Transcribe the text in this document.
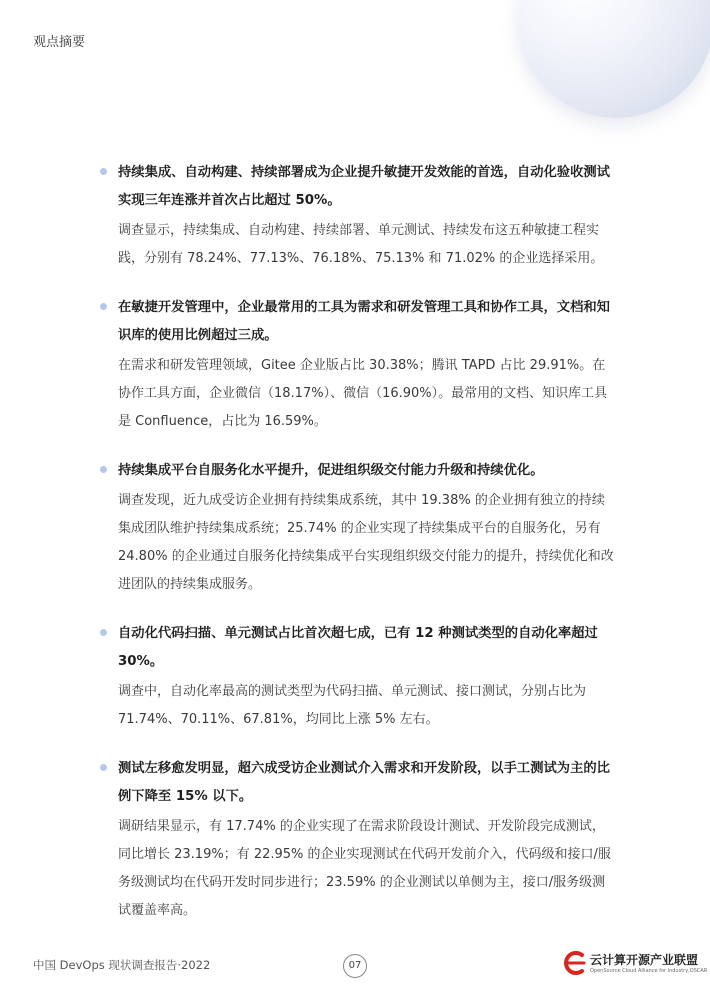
观点摘要
持续集成、自动构建、持续部署成为企业提升敏捷开发效能的首选，自动化验收测试实现三年连涨并首次占比超过 50%。
调查显示，持续集成、自动构建、持续部署、单元测试、持续发布这五种敏捷工程实践，分别有 78.24%、77.13%、76.18%、75.13% 和 71.02% 的企业选择采用。
在敏捷开发管理中，企业最常用的工具为需求和研发管理工具和协作工具，文档和知识库的使用比例超过三成。
在需求和研发管理领域，Gitee 企业版占比 30.38%；腾讯 TAPD 占比 29.91%。在协作工具方面，企业微信（18.17%）、微信（16.90%）。最常用的文档、知识库工具是 Confluence，占比为 16.59%。
持续集成平台自服务化水平提升，促进组织级交付能力升级和持续优化。
调查发现，近九成受访企业拥有持续集成系统，其中 19.38% 的企业拥有独立的持续集成团队维护持续集成系统；25.74% 的企业实现了持续集成平台的自服务化，另有 24.80% 的企业通过自服务化持续集成平台实现组织级交付能力的提升，持续优化和改进团队的持续集成服务。
自动化代码扫描、单元测试占比首次超七成，已有 12 种测试类型的自动化率超过 30%。
调查中，自动化率最高的测试类型为代码扫描、单元测试、接口测试，分别占比为 71.74%、70.11%、67.81%，均同比上涨 5% 左右。
测试左移愈发明显，超六成受访企业测试介入需求和开发阶段，以手工测试为主的比例下降至 15% 以下。
调研结果显示，有 17.74% 的企业实现了在需求阶段设计测试、开发阶段完成测试，同比增长 23.19%；有 22.95% 的企业实现测试在代码开发前介入，代码级和接口/服务级测试均在代码开发时同步进行；23.59% 的企业测试以单侧为主，接口/服务级测试覆盖率高。
中国 DevOps 现状调查报告·2022	07	云计算开源产业联盟
OpenSource Cloud Alliance for industry,OSCAR
